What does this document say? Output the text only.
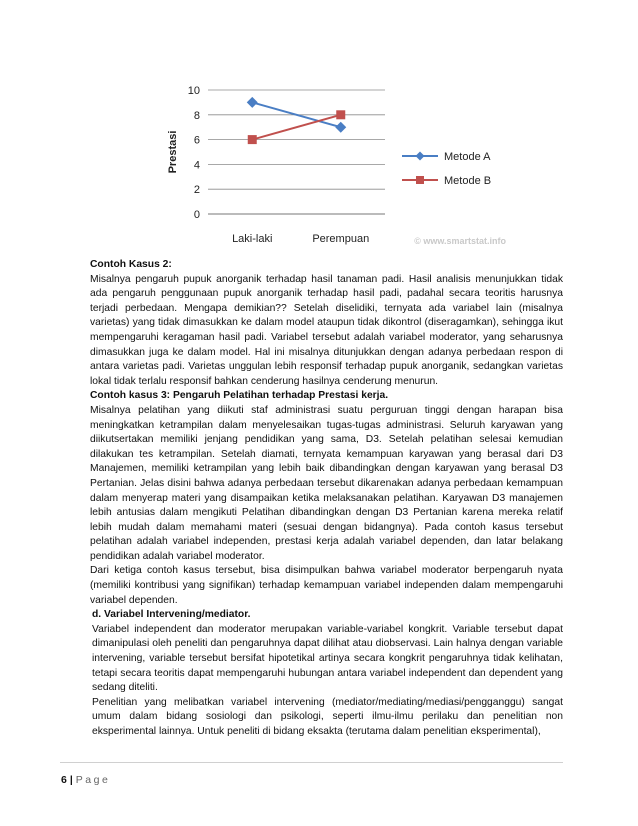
0
2
4
6
8
10
Laki-laki	Perempuan
Prestasi	Metode A
Metode B
© www.smartstat.info

Contoh Kasus 2:

Misalnya pengaruh pupuk anorganik terhadap hasil tanaman padi. Hasil analisis menunjukkan tidak ada pengaruh penggunaan pupuk anorganik terhadap hasil padi, padahal secara teoritis harusnya terjadi perbedaan. Mengapa demikian?? Setelah diselidiki, ternyata ada variabel lain (misalnya varietas) yang tidak dimasukkan ke dalam model ataupun tidak dikontrol (diseragamkan), sehingga ikut mempengaruhi keragaman hasil padi. Variabel tersebut adalah variabel moderator, yang seharusnya dimasukkan juga ke dalam model. Hal ini misalnya ditunjukkan dengan adanya perbedaan respon di antara varietas padi. Varietas unggulan lebih responsif terhadap pupuk anorganik, sedangkan varietas lokal tidak terlalu responsif bahkan cenderung hasilnya cenderung menurun.

Contoh kasus 3: Pengaruh Pelatihan terhadap Prestasi kerja.

Misalnya pelatihan yang diikuti staf administrasi suatu perguruan tinggi dengan harapan bisa meningkatkan ketrampilan dalam menyelesaikan tugas-tugas administrasi. Seluruh karyawan yang diikutsertakan memiliki jenjang pendidikan yang sama, D3. Setelah pelatihan selesai kemudian dilakukan tes ketrampilan. Setelah diamati, ternyata kemampuan karyawan yang berasal dari D3 Manajemen, memiliki ketrampilan yang lebih baik dibandingkan dengan karyawan yang berasal D3 Pertanian. Jelas disini bahwa adanya perbedaan tersebut dikarenakan adanya perbedaan kemampuan dalam menyerap materi yang disampaikan ketika melaksanakan pelatihan. Karyawan D3 manajemen lebih antusias dalam mengikuti Pelatihan dibandingkan dengan D3 Pertanian karena mereka relatif lebih mudah dalam memahami materi (sesuai dengan bidangnya). Pada contoh kasus tersebut pelatihan adalah variabel independen, prestasi kerja adalah variabel dependen, dan latar belakang pendidikan adalah variabel moderator.

Dari ketiga contoh kasus tersebut, bisa disimpulkan bahwa variabel moderator berpengaruh nyata (memiliki kontribusi yang signifikan) terhadap kemampuan variabel independen dalam mempengaruhi variabel dependen.

d. Variabel Intervening/mediator.

Variabel independent dan moderator merupakan variable-variabel kongkrit. Variable tersebut dapat dimanipulasi oleh peneliti dan pengaruhnya dapat dilihat atau diobservasi. Lain halnya dengan variable intervening, variable tersebut bersifat hipotetikal artinya secara kongkrit pengaruhnya tidak kelihatan, tetapi secara teoritis dapat mempengaruhi hubungan antara variabel independent dan dependent yang sedang diteliti.

Penelitian yang melibatkan variabel intervening (mediator/mediating/mediasi/pengganggu) sangat umum dalam bidang sosiologi dan psikologi, seperti ilmu-ilmu perilaku dan penelitian non eksperimental lainnya. Untuk peneliti di bidang eksakta (terutama dalam penelitian eksperimental),

6 | Page
